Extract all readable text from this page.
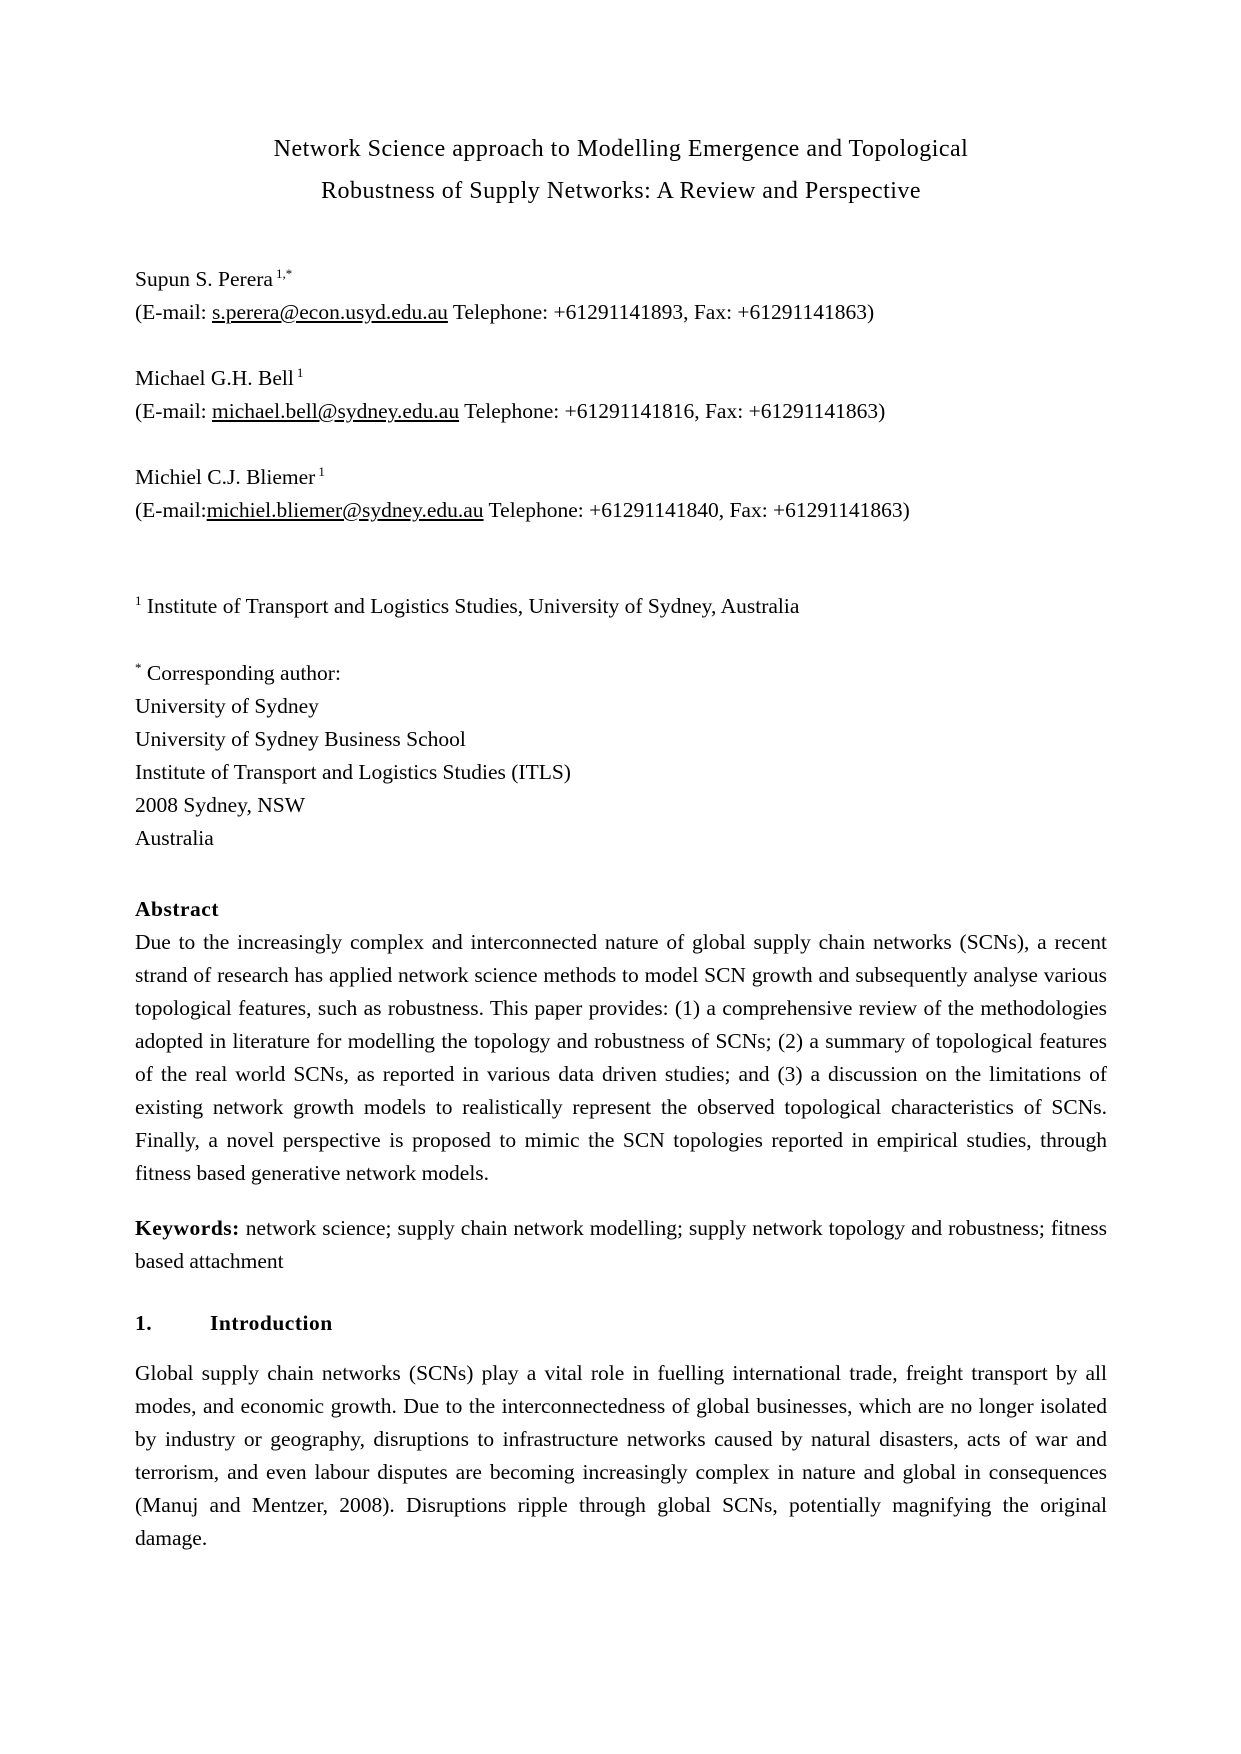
Network Science approach to Modelling Emergence and Topological
Robustness of Supply Networks: A Review and Perspective
Supun S. Perera $^{1,*}$
(E-mail: s.perera@econ.usyd.edu.au Telephone: +61291141893, Fax: +61291141863)
Michael G.H. Bell $^1$
(E-mail: michael.bell@sydney.edu.au Telephone: +61291141816, Fax: +61291141863)
Michiel C.J. Bliemer $^1$
(E-mail:michiel.bliemer@sydney.edu.au Telephone: +61291141840, Fax: +61291141863)
$^1$ Institute of Transport and Logistics Studies, University of Sydney, Australia
* Corresponding author:
University of Sydney
University of Sydney Business School
Institute of Transport and Logistics Studies (ITLS)
2008 Sydney, NSW
Australia
Abstract
Due to the increasingly complex and interconnected nature of global supply chain networks (SCNs), a recent strand of research has applied network science methods to model SCN growth and subsequently analyse various topological features, such as robustness. This paper provides: (1) a comprehensive review of the methodologies adopted in literature for modelling the topology and robustness of SCNs; (2) a summary of topological features of the real world SCNs, as reported in various data driven studies; and (3) a discussion on the limitations of existing network growth models to realistically represent the observed topological characteristics of SCNs. Finally, a novel perspective is proposed to mimic the SCN topologies reported in empirical studies, through fitness based generative network models.
Keywords: network science; supply chain network modelling; supply network topology and robustness; fitness based attachment
1.	Introduction
Global supply chain networks (SCNs) play a vital role in fuelling international trade, freight transport by all modes, and economic growth. Due to the interconnectedness of global businesses, which are no longer isolated by industry or geography, disruptions to infrastructure networks caused by natural disasters, acts of war and terrorism, and even labour disputes are becoming increasingly complex in nature and global in consequences (Manuj and Mentzer, 2008). Disruptions ripple through global SCNs, potentially magnifying the original damage.
